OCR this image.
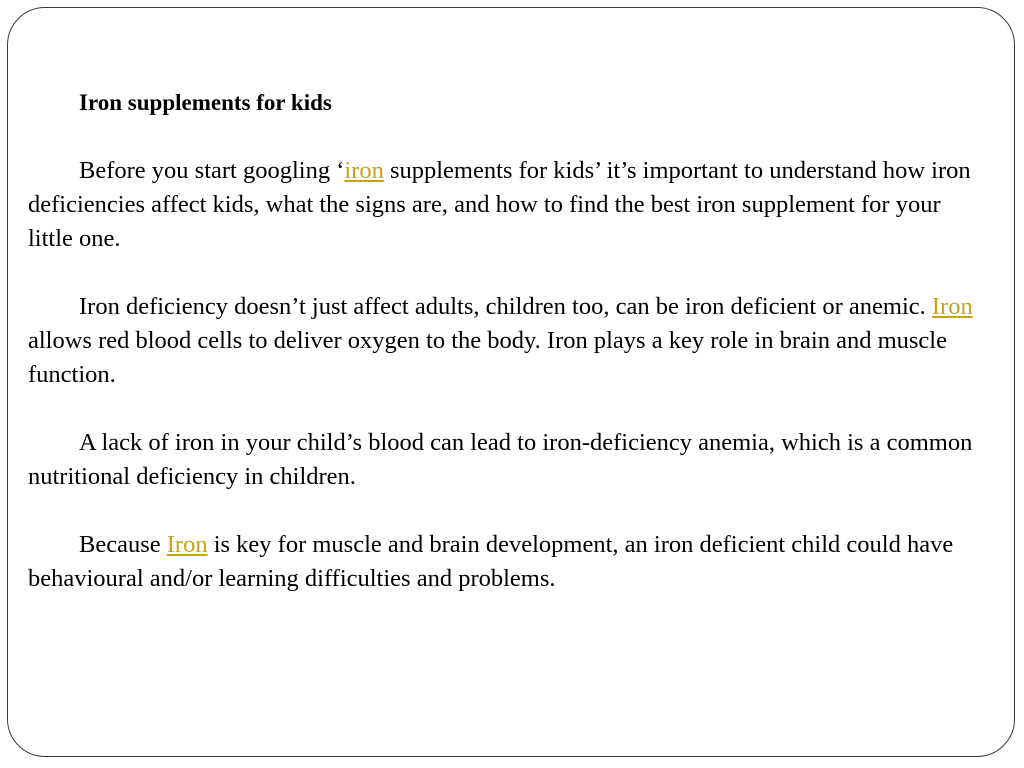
Iron supplements for kids

Before you start googling ‘iron supplements for kids’ it’s important to understand how iron deficiencies affect kids, what the signs are, and how to find the best iron supplement for your little one.

Iron deficiency doesn’t just affect adults, children too, can be iron deficient or anemic. Iron allows red blood cells to deliver oxygen to the body. Iron plays a key role in brain and muscle function.

A lack of iron in your child’s blood can lead to iron-deficiency anemia, which is a common nutritional deficiency in children.

Because Iron is key for muscle and brain development, an iron deficient child could have behavioural and/or learning difficulties and problems.
